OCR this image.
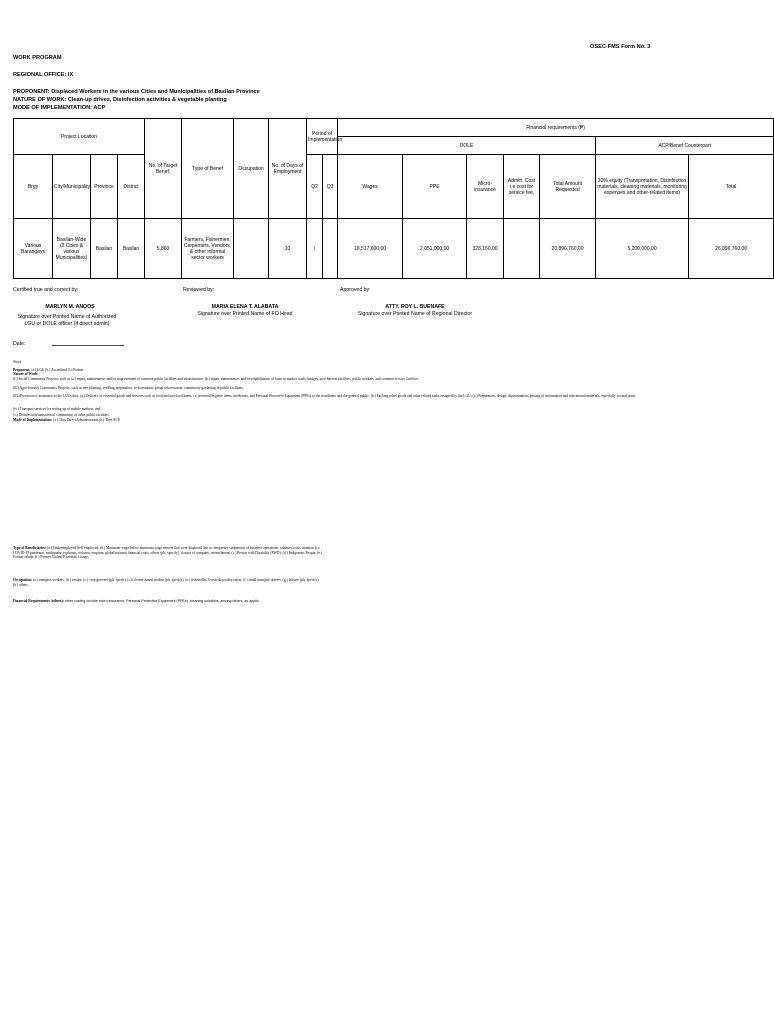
OSEC-FMS Form No. 3
WORK PROGRAM
REGIONAL OFFICE: IX
PROPONENT: Displaced Workers in the various Cities and Municipalities of Basilan Province
NATURE OF WORK: Clean-up drives, Disinfection activities & vegetable planting
MODE OF IMPLEMENTATION: ACP
Project Location				No. of Target Benef.	Type of Benef	Occupation	No. of Days of Employment	Period of Implementation		Financial requirements (₱)						
										DOLE					ACP/Benef Counterpart	
Brgy	City/Municipality	Province	District					Q2	Q3	Wages	PPE	Micro-insurance	Admin. Cost i.e cost for service fee,	Total Amount Requested	20% equity (Transportation, Disinfection materials, cleaning materials, monitoring expenses and other-related items)	Total
Various Barangays	Basilan-Wide (2 Cities & various Municipalities)	Basilan	Basilan	5,860	Farmers, Fishermen, Carpenters, Vendors, & other informal sector workers		10	/		18,517,600.00	2,051,000.00	328,160.00		20,896,760.00	5,200,000.00	26,096,760.00
Certified true and correct by:	Reviewed by:	Approved by:
MARLYN M. ANOOS
Signature over Printed Name of Authorized LGU or DOLE officer (if direct admin)
MARIA ELENA T. ALABATA
Signature over Printed Name of FO Head
ATTY. ROY L. BUENAFE
Signature over Printed Name of Regional Director
Date:
Notes:
Proponent: (a.) LGU (b.) Accredited Co-Partner
Nature of Work:
(I.) Social Community Projects, such as (a.) repair, maintenance, and/or improvement of common public facilities and infrastructure; (b.) repair, maintenance, and/or rehabilitation of farm-to-market roads, bridges, post-harvest facilities, public markets, and common service facilities
(II.) Agro-forestry Community Projects, such as tree planting, seedling preparation, re-forestation, group reforestation, community gardening in public facilities;
(III.)Provision of assistance to the LGUs thru: (a.) Delivery of essential goods and services such as food and non-food items, i.e. personal hygiene items, medicines, and Personal Protective Equipment (PPEs) to the frontliners and the general public; (b.) Packing relief goods and other related tasks assigned by the LGU; (c.) Preparation, design, dissemination, posting of information and educational materials, especially in rural areas.
(iv.) Transport services for setting up of mobile markets; and
(v.) Disinfection/sanitation of community, or other public facilities.
Mode of Implementation: (a.) Thru Direct Administration (b.) Thru ACP
Type of Beneficiaries: (a.) Underemployed/Self-employed, (b.) Minimum wage/below minimum wage earners that were displaced due to: temporary suspension of business operations, calamity/crisis situation (i.e. COVID-19 pandemic, earthquake, typhoons, volcanic eruption, global/national financial crisis, others (pls. specify), closure of company, retrenchment; (c.) Person with Disability (PWD); (d.) Indigenous People; (e.) Former rebels; (f.) Former Violent Extremist Groups
Occupation: (a.) transport workers, (b.) vendor, (c.) crop growers (pls. specify), (d.) home-based worker (pls. specify), (e.) fisherfolks, livestock/poultry raiser, (f.) small transport drivers, (g.) laborer (pls. specify), (h.) others
Financial Requirements (others): other costing include micro insurance, Personal Protective Equipment (PPEs), cleaning solutions, among others, as applic.
